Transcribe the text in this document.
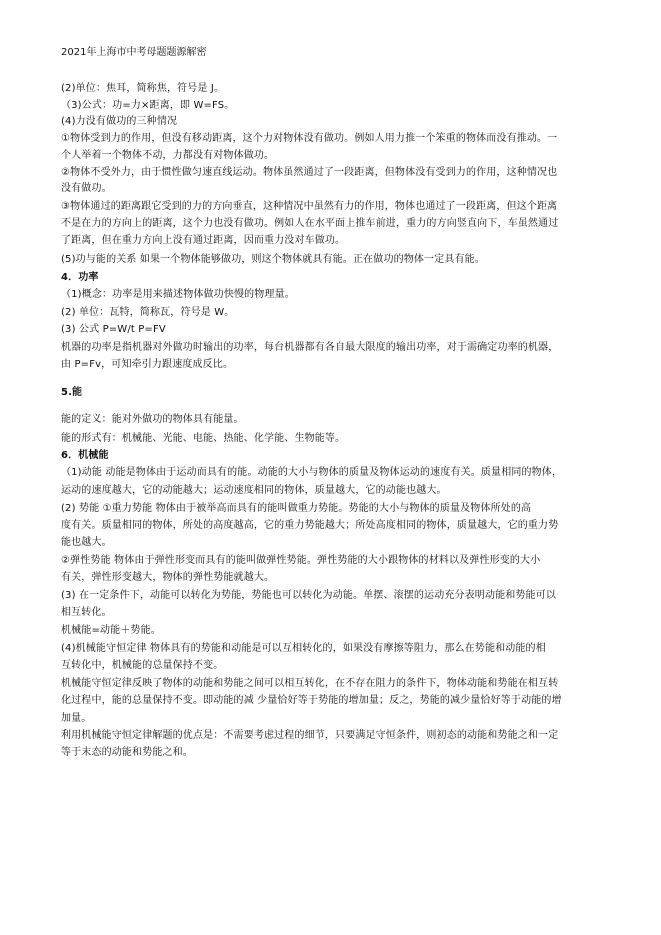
2021年上海市中考母题题源解密
(2)单位：焦耳，简称焦，符号是 J。
（3)公式：功=力×距离，即 W=FS。
(4)力没有做功的三种情况
①物体受到力的作用，但没有移动距离，这个力对物体没有做功。例如人用力推一个笨重的物体而没有推动。一
个人举着一个物体不动，力都没有对物体做功。
②物体不受外力，由于惯性做匀速直线运动。物体虽然通过了一段距离，但物体没有受到力的作用，这种情况也
没有做功。
③物体通过的距离跟它受到的力的方向垂直，这种情况中虽然有力的作用，物体也通过了一段距离，但这个距离
不是在力的方向上的距离，这个力也没有做功。例如人在水平面上推车前进，重力的方向竖直向下，车虽然通过
了距离，但在重力方向上没有通过距离，因而重力没对车做功。
(5)功与能的关系 如果一个物体能够做功，则这个物体就具有能。正在做功的物体一定具有能。
4．功率
（1)概念：功率是用来描述物体做功快慢的物理量。
(2) 单位：瓦特，简称瓦，符号是 W。
(3) 公式 P=W/t P=FV
机器的功率是指机器对外做功时输出的功率，每台机器都有各自最大限度的输出功率，对于需确定功率的机器，
由 P=Fv，可知牵引力跟速度成反比。
5.能
能的定义：能对外做功的物体具有能量。
能的形式有：机械能、光能、电能、热能、化学能、生物能等。
6．机械能
（1)动能 动能是物体由于运动而具有的能。动能的大小与物体的质量及物体运动的速度有关。质量相同的物体，
运动的速度越大，它的动能越大；运动速度相同的物体，质量越大，它的动能也越大。
(2) 势能 ①重力势能 物体由于被举高而具有的能叫做重力势能。势能的大小与物体的质量及物体所处的高
度有关。质量相同的物体，所处的高度越高，它的重力势能越大；所处高度相同的物体，质量越大，它的重力势
能也越大。
②弹性势能 物体由于弹性形变而具有的能叫做弹性势能。弹性势能的大小跟物体的材料以及弹性形变的大小
有关，弹性形变越大，物体的弹性势能就越大。
(3) 在一定条件下，动能可以转化为势能，势能也可以转化为动能。单摆、滚摆的运动充分表明动能和势能可以
相互转化。
机械能=动能＋势能。
(4)机械能守恒定律 物体具有的势能和动能是可以互相转化的，如果没有摩擦等阻力，那么在势能和动能的相
互转化中，机械能的总量保持不变。
机械能守恒定律反映了物体的动能和势能之间可以相互转化，在不存在阻力的条件下，物体动能和势能在相互转
化过程中，能的总量保持不变。即动能的减 少量恰好等于势能的增加量；反之，势能的减少量恰好等于动能的增
加量。
利用机械能守恒定律解题的优点是：不需要考虑过程的细节，只要满足守恒条件，则初态的动能和势能之和一定
等于末态的动能和势能之和。
